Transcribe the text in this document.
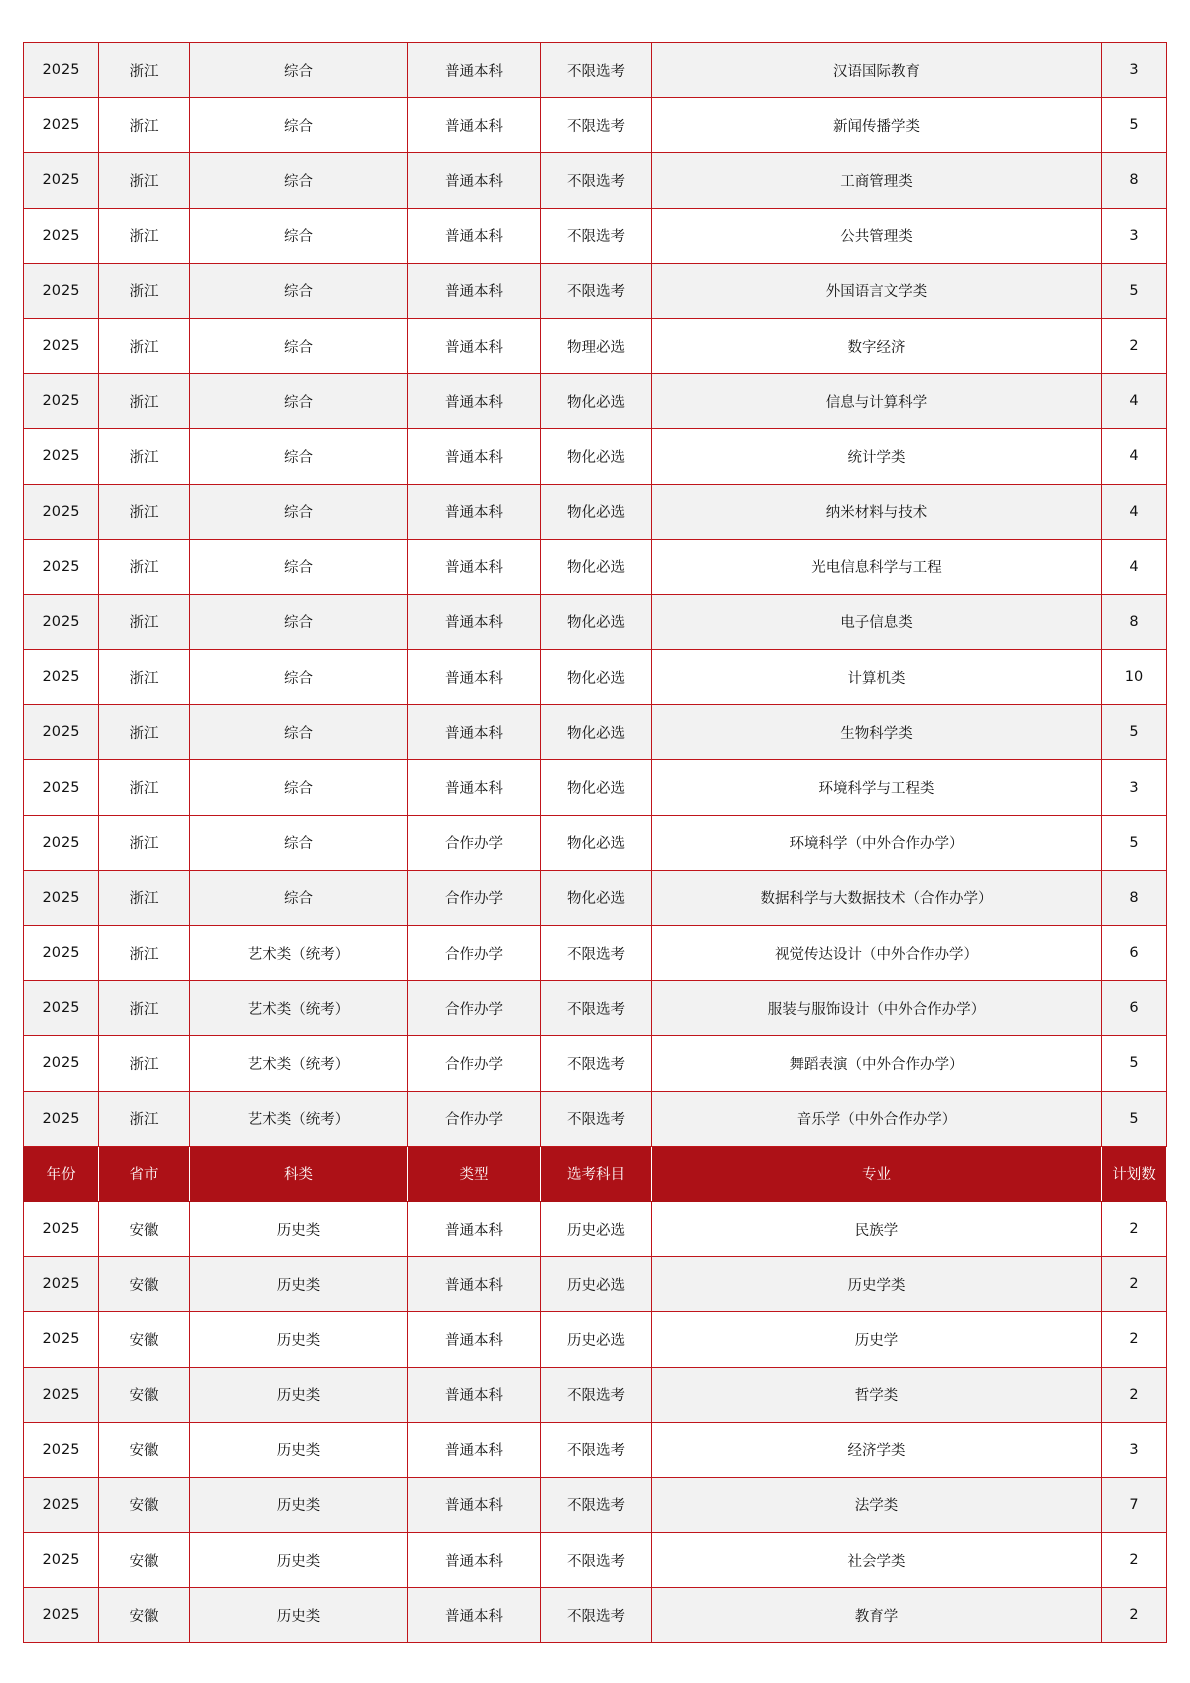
2025	浙江	综合	普通本科	不限选考	汉语国际教育	3
2025	浙江	综合	普通本科	不限选考	新闻传播学类	5
2025	浙江	综合	普通本科	不限选考	工商管理类	8
2025	浙江	综合	普通本科	不限选考	公共管理类	3
2025	浙江	综合	普通本科	不限选考	外国语言文学类	5
2025	浙江	综合	普通本科	物理必选	数字经济	2
2025	浙江	综合	普通本科	物化必选	信息与计算科学	4
2025	浙江	综合	普通本科	物化必选	统计学类	4
2025	浙江	综合	普通本科	物化必选	纳米材料与技术	4
2025	浙江	综合	普通本科	物化必选	光电信息科学与工程	4
2025	浙江	综合	普通本科	物化必选	电子信息类	8
2025	浙江	综合	普通本科	物化必选	计算机类	10
2025	浙江	综合	普通本科	物化必选	生物科学类	5
2025	浙江	综合	普通本科	物化必选	环境科学与工程类	3
2025	浙江	综合	合作办学	物化必选	环境科学（中外合作办学）	5
2025	浙江	综合	合作办学	物化必选	数据科学与大数据技术（合作办学）	8
2025	浙江	艺术类（统考）	合作办学	不限选考	视觉传达设计（中外合作办学）	6
2025	浙江	艺术类（统考）	合作办学	不限选考	服装与服饰设计（中外合作办学）	6
2025	浙江	艺术类（统考）	合作办学	不限选考	舞蹈表演（中外合作办学）	5
2025	浙江	艺术类（统考）	合作办学	不限选考	音乐学（中外合作办学）	5
年份	省市	科类	类型	选考科目	专业	计划数
2025	安徽	历史类	普通本科	历史必选	民族学	2
2025	安徽	历史类	普通本科	历史必选	历史学类	2
2025	安徽	历史类	普通本科	历史必选	历史学	2
2025	安徽	历史类	普通本科	不限选考	哲学类	2
2025	安徽	历史类	普通本科	不限选考	经济学类	3
2025	安徽	历史类	普通本科	不限选考	法学类	7
2025	安徽	历史类	普通本科	不限选考	社会学类	2
2025	安徽	历史类	普通本科	不限选考	教育学	2
